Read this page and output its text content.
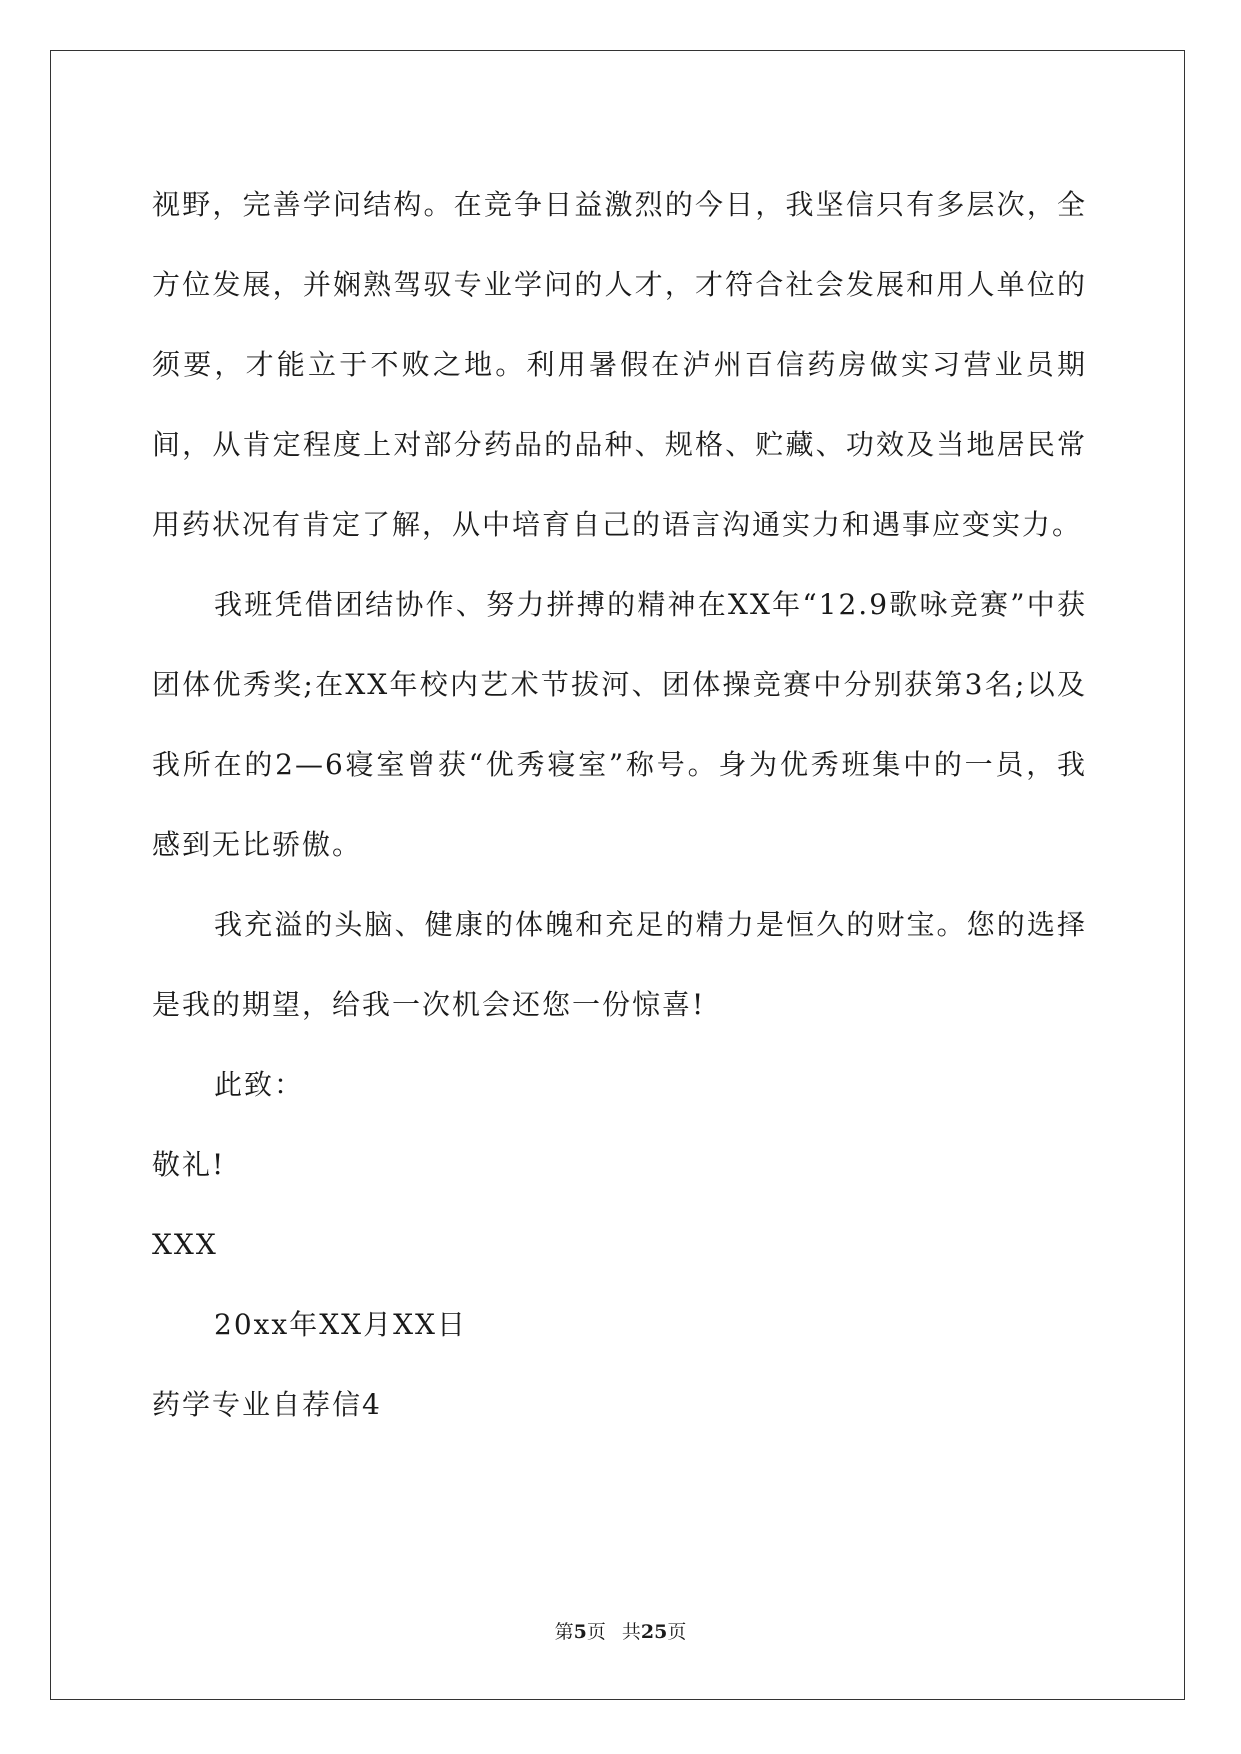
视野，完善学问结构。在竞争日益激烈的今日，我坚信只有多层次，全方位发展，并娴熟驾驭专业学问的人才，才符合社会发展和用人单位的须要，才能立于不败之地。利用暑假在泸州百信药房做实习营业员期间，从肯定程度上对部分药品的品种、规格、贮藏、功效及当地居民常用药状况有肯定了解，从中培育自己的语言沟通实力和遇事应变实力。

我班凭借团结协作、努力拼搏的精神在XX年“12.9歌咏竞赛”中获团体优秀奖;在XX年校内艺术节拔河、团体操竞赛中分别获第3名;以及我所在的2—6寝室曾获“优秀寝室”称号。身为优秀班集中的一员，我感到无比骄傲。

我充溢的头脑、健康的体魄和充足的精力是恒久的财宝。您的选择是我的期望，给我一次机会还您一份惊喜!

此致：

敬礼!

XXX

20xx年XX月XX日

药学专业自荐信4

第5页 共25页
